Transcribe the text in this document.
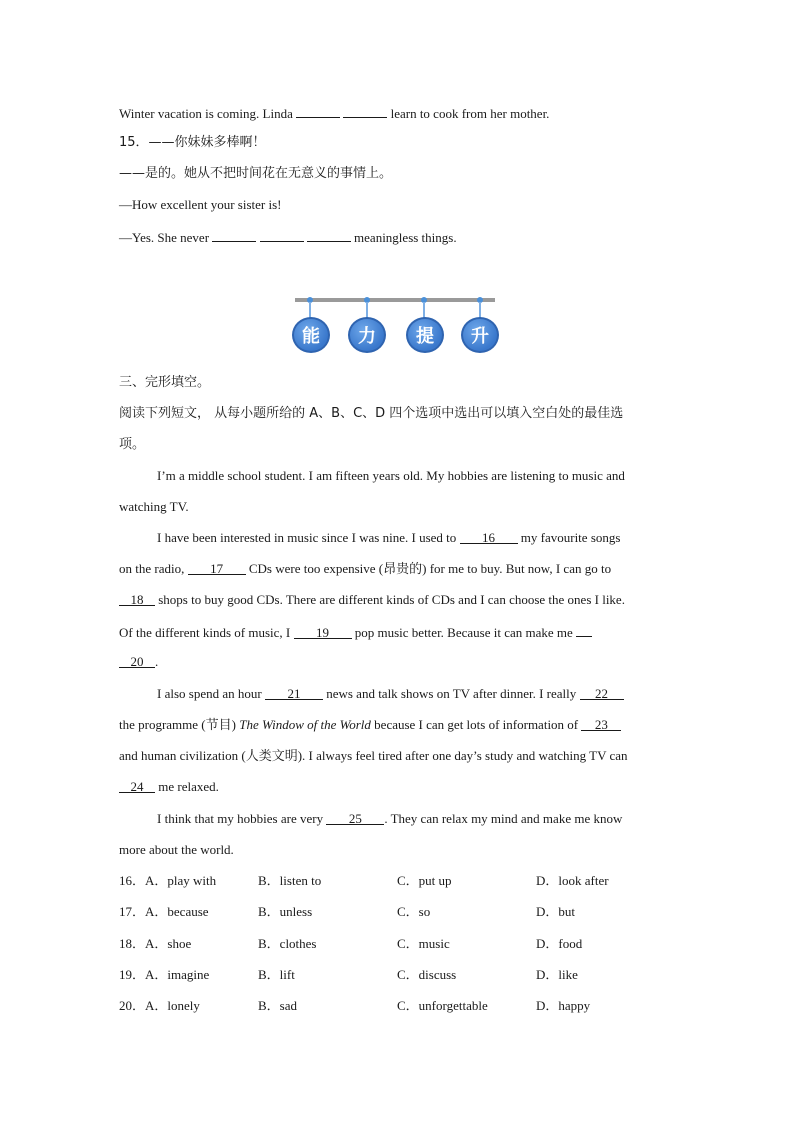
Winter vacation is coming. Linda	learn to cook from her mother.
15．——你妹妹多棒啊！
——是的。她从不把时间花在无意义的事情上。
—How excellent your sister is!
—Yes. She never	meaningless things.
能	力	提	升
三、完形填空。
阅读下列短文， 从每小题所给的 A、B、C、D 四个选项中选出可以填入空白处的最佳选
项。
I’m a middle school student. I am fifteen years old. My hobbies are listening to music and
watching TV.
I have been interested in music since I was nine. I used to 16 my favourite songs
on the radio, 17 CDs were too expensive (昂贵的) for me to buy. But now, I can go to
18 shops to buy good CDs. There are different kinds of CDs and I can choose the ones I like.
Of the different kinds of music, I 19 pop music better. Because it can make me
20 .
I also spend an hour 21 news and talk shows on TV after dinner. I really 22
the programme (节目) The Window of the World because I can get lots of information of 23
and human civilization (人类文明). I always feel tired after one day’s study and watching TV can
24 me relaxed.
I think that my hobbies are very 25 . They can relax my mind and make me know
more about the world.
16．A．play with	B．listen to	C．put up	D．look after
17．A．because	B．unless	C．so	D．but
18．A．shoe	B．clothes	C．music	D．food
19．A．imagine	B．lift	C．discuss	D．like
20．A．lonely	B．sad	C．unforgettable	D．happy
